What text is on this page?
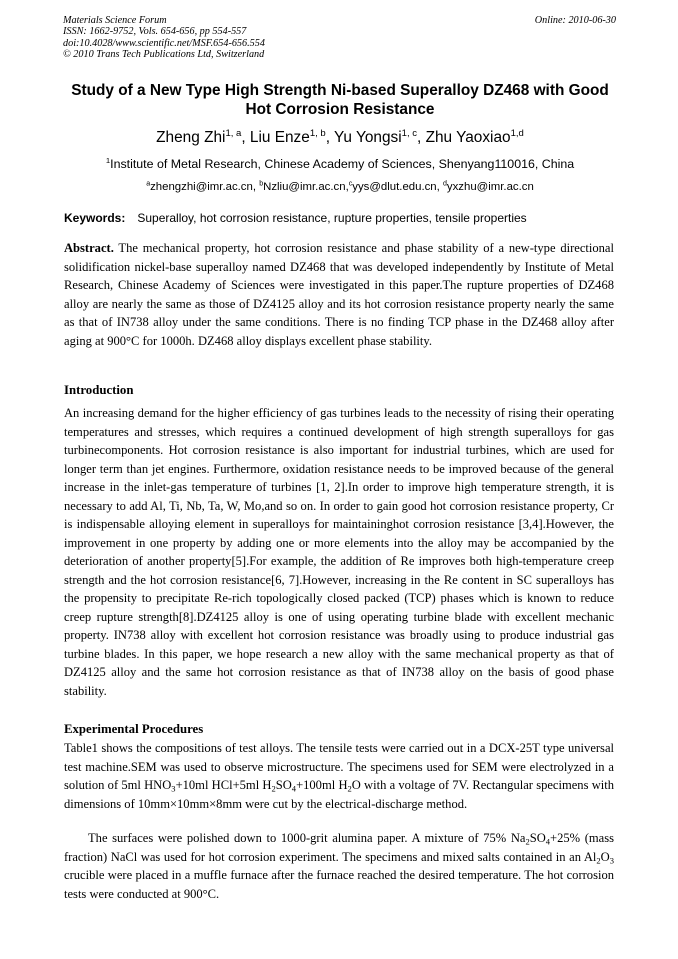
Materials Science Forum
ISSN: 1662-9752, Vols. 654-656, pp 554-557
doi:10.4028/www.scientific.net/MSF.654-656.554
© 2010 Trans Tech Publications Ltd, Switzerland
Online: 2010-06-30
Study of a New Type High Strength Ni-based Superalloy DZ468 with Good Hot Corrosion Resistance
Zheng Zhi$^{1, a}$, Liu Enze$^{1, b}$, Yu Yongsi$^{1, c}$, Zhu Yaoxiao$^{1,d}$
$^1$Institute of Metal Research, Chinese Academy of Sciences, Shenyang110016, China
$^a$zhengzhi@imr.ac.cn, $^b$Nzliu@imr.ac.cn,$^c$yys@dlut.edu.cn, $^d$yxzhu@imr.ac.cn
Keywords: Superalloy, hot corrosion resistance, rupture properties, tensile properties
Abstract. The mechanical property, hot corrosion resistance and phase stability of a new-type directional solidification nickel-base superalloy named DZ468 that was developed independently by Institute of Metal Research, Chinese Academy of Sciences were investigated in this paper.The rupture properties of DZ468 alloy are nearly the same as those of DZ4125 alloy and its hot corrosion resistance property nearly the same as that of IN738 alloy under the same conditions. There is no finding TCP phase in the DZ468 alloy after aging at 900°C for 1000h. DZ468 alloy displays excellent phase stability.
Introduction
An increasing demand for the higher efficiency of gas turbines leads to the necessity of rising their operating temperatures and stresses, which requires a continued development of high strength superalloys for gas turbinecomponents. Hot corrosion resistance is also important for industrial turbines, which are used for longer term than jet engines. Furthermore, oxidation resistance needs to be improved because of the general increase in the inlet-gas temperature of turbines [1, 2].In order to improve high temperature strength, it is necessary to add Al, Ti, Nb, Ta, W, Mo,and so on. In order to gain good hot corrosion resistance property, Cr is indispensable alloying element in superalloys for maintaininghot corrosion resistance [3,4].However, the improvement in one property by adding one or more elements into the alloy may be accompanied by the deterioration of another property[5].For example, the addition of Re improves both high-temperature creep strength and the hot corrosion resistance[6, 7].However, increasing in the Re content in SC superalloys has the propensity to precipitate Re-rich topologically closed packed (TCP) phases which is known to reduce creep rupture strength[8].DZ4125 alloy is one of using operating turbine blade with excellent mechanic property. IN738 alloy with excellent hot corrosion resistance was broadly using to produce industrial gas turbine blades. In this paper, we hope research a new alloy with the same mechanical property as that of DZ4125 alloy and the same hot corrosion resistance as that of IN738 alloy on the basis of good phase stability.
Experimental Procedures
Table1 shows the compositions of test alloys. The tensile tests were carried out in a DCX-25T type universal test machine.SEM was used to observe microstructure. The specimens used for SEM were electrolyzed in a solution of 5ml $HNO_3+10ml$ HCl+5ml $H_2SO_4+100ml$ $H_2O$ with a voltage of 7V. Rectangular specimens with dimensions of 10mm×10mm×8mm were cut by the electrical-discharge method.
The surfaces were polished down to 1000-grit alumina paper. A mixture of 75% $Na_2SO_4+25\%$ (mass fraction) NaCl was used for hot corrosion experiment. The specimens and mixed salts contained in an $Al_2O_3$ crucible were placed in a muffle furnace after the furnace reached the desired temperature. The hot corrosion tests were conducted at 900°C.
